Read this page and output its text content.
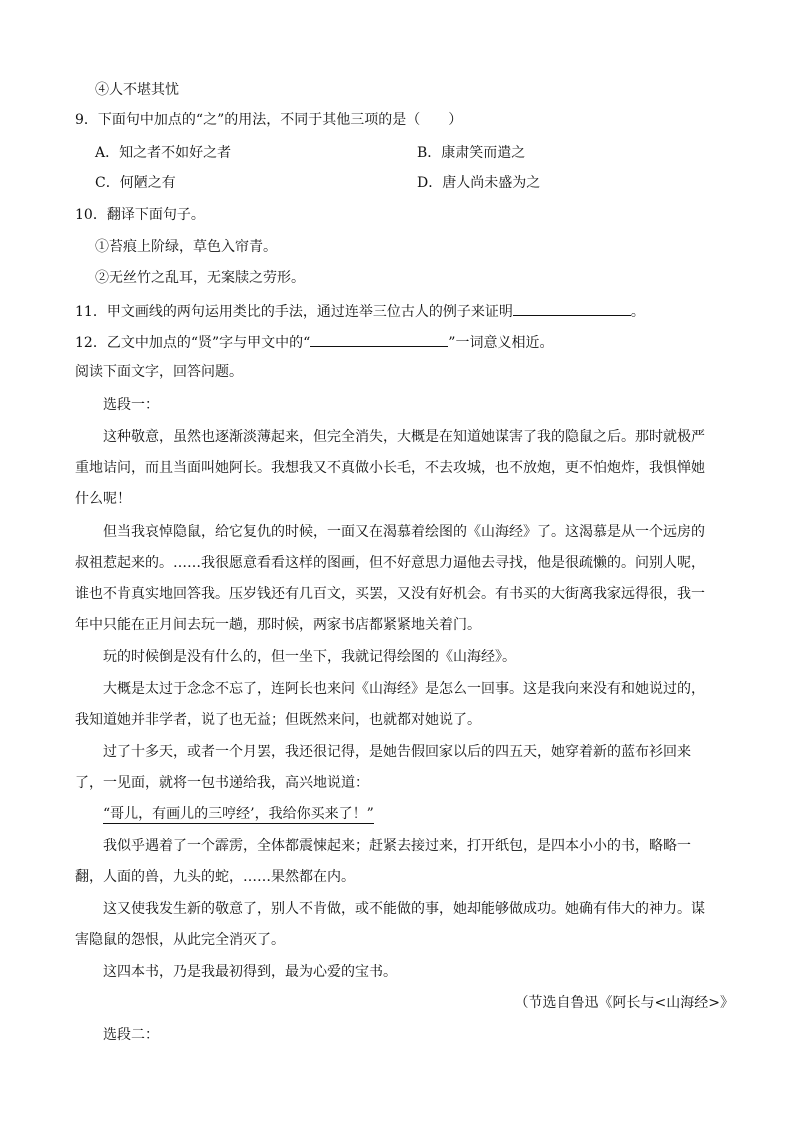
④人不堪其忧
9．下面句中加点的“之”的用法，不同于其他三项的是（　　）
A．知之者不如好之者	B．康肃笑而遣之
C．何陋之有	D．唐人尚未盛为之
10．翻译下面句子。
①苔痕上阶绿，草色入帘青。
②无丝竹之乱耳，无案牍之劳形。
11．甲文画线的两句运用类比的手法，通过连举三位古人的例子来证明	。
12．乙文中加点的“贤”字与甲文中的“	”一词意义相近。
阅读下面文字，回答问题。
选段一：
这种敬意，虽然也逐渐淡薄起来，但完全消失，大概是在知道她谋害了我的隐鼠之后。那时就极严
重地诘问，而且当面叫她阿长。我想我又不真做小长毛，不去攻城，也不放炮，更不怕炮炸，我惧惮她
什么呢！
但当我哀悼隐鼠，给它复仇的时候，一面又在渴慕着绘图的《山海经》了。这渴慕是从一个远房的
叔祖惹起来的。……我很愿意看看这样的图画，但不好意思力逼他去寻找，他是很疏懒的。问别人呢，
谁也不肯真实地回答我。压岁钱还有几百文，买罢，又没有好机会。有书买的大街离我家远得很，我一
年中只能在正月间去玩一趟，那时候，两家书店都紧紧地关着门。
玩的时候倒是没有什么的，但一坐下，我就记得绘图的《山海经》。
大概是太过于念念不忘了，连阿长也来问《山海经》是怎么一回事。这是我向来没有和她说过的，
我知道她并非学者，说了也无益；但既然来问，也就都对她说了。
过了十多天，或者一个月罢，我还很记得，是她告假回家以后的四五天，她穿着新的蓝布衫回来
了，一见面，就将一包书递给我，高兴地说道：
“哥儿，有画儿的三哼经’，我给你买来了！”
我似乎遇着了一个霹雳，全体都震悚起来；赶紧去接过来，打开纸包，是四本小小的书，略略一
翻，人面的兽，九头的蛇，……果然都在内。
这又使我发生新的敬意了，别人不肯做，或不能做的事，她却能够做成功。她确有伟大的神力。谋
害隐鼠的怨恨，从此完全消灭了。
这四本书，乃是我最初得到，最为心爱的宝书。
（节选自鲁迅《阿长与<山海经>》
选段二：
